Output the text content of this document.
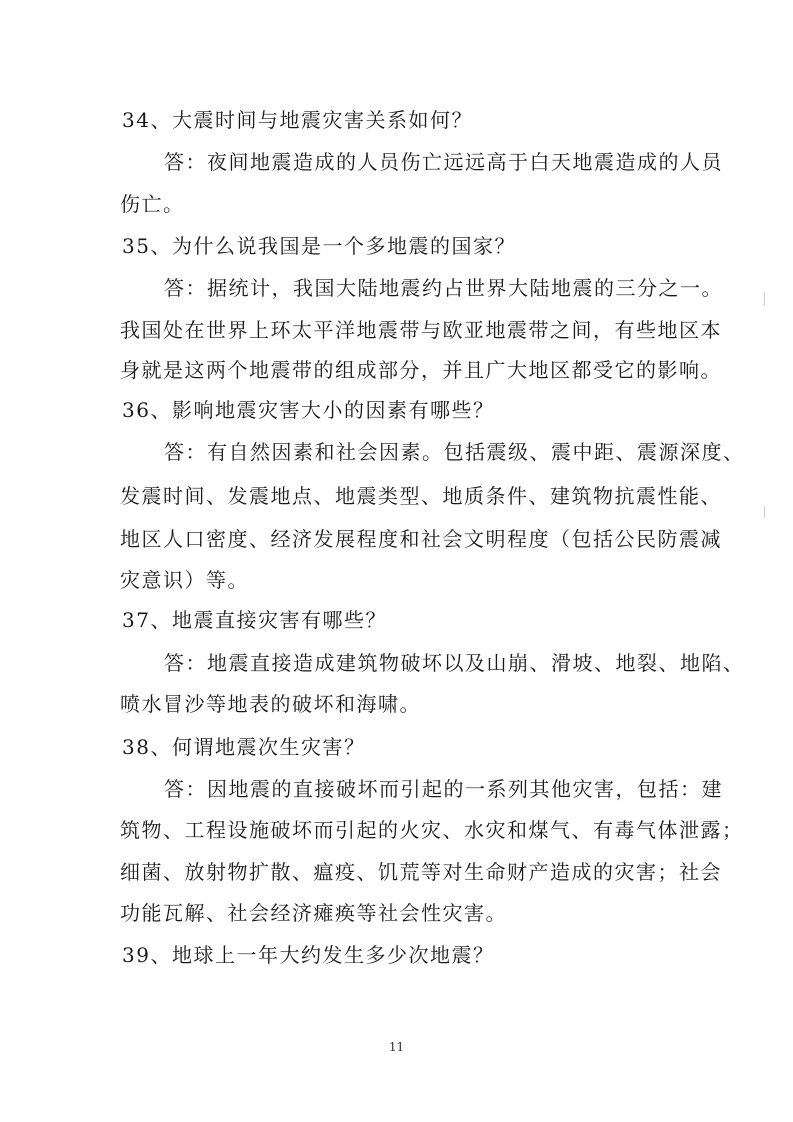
34、大震时间与地震灾害关系如何？
答：夜间地震造成的人员伤亡远远高于白天地震造成的人员
伤亡。
35、为什么说我国是一个多地震的国家？
答：据统计，我国大陆地震约占世界大陆地震的三分之一。
我国处在世界上环太平洋地震带与欧亚地震带之间，有些地区本
身就是这两个地震带的组成部分，并且广大地区都受它的影响。
36、影响地震灾害大小的因素有哪些？
答：有自然因素和社会因素。包括震级、震中距、震源深度、
发震时间、发震地点、地震类型、地质条件、建筑物抗震性能、
地区人口密度、经济发展程度和社会文明程度（包括公民防震减
灾意识）等。
37、地震直接灾害有哪些？
答：地震直接造成建筑物破坏以及山崩、滑坡、地裂、地陷、
喷水冒沙等地表的破坏和海啸。
38、何谓地震次生灾害？
答：因地震的直接破坏而引起的一系列其他灾害，包括：建
筑物、工程设施破坏而引起的火灾、水灾和煤气、有毒气体泄露；
细菌、放射物扩散、瘟疫、饥荒等对生命财产造成的灾害；社会
功能瓦解、社会经济瘫痪等社会性灾害。
39、地球上一年大约发生多少次地震？
11
